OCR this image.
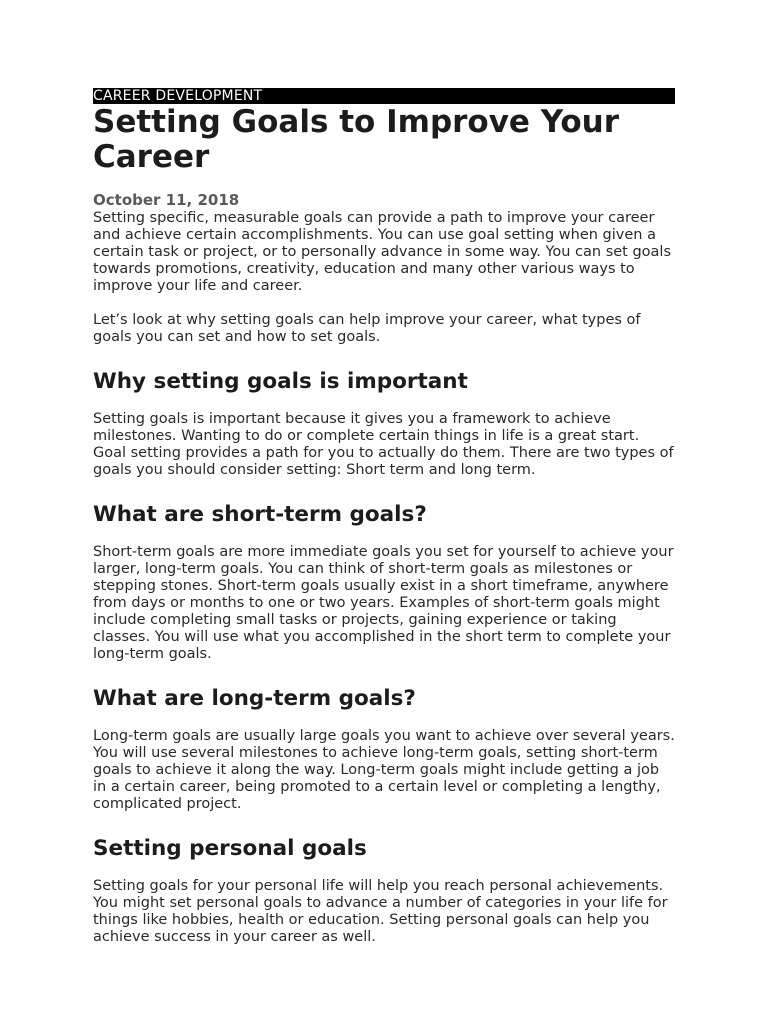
CAREER DEVELOPMENT
Setting Goals to Improve Your Career
October 11, 2018

Setting specific, measurable goals can provide a path to improve your career and achieve certain accomplishments. You can use goal setting when given a certain task or project, or to personally advance in some way. You can set goals towards promotions, creativity, education and many other various ways to improve your life and career.

Let’s look at why setting goals can help improve your career, what types of goals you can set and how to set goals.

Why setting goals is important

Setting goals is important because it gives you a framework to achieve milestones. Wanting to do or complete certain things in life is a great start. Goal setting provides a path for you to actually do them. There are two types of goals you should consider setting: Short term and long term.

What are short-term goals?

Short-term goals are more immediate goals you set for yourself to achieve your larger, long-term goals. You can think of short-term goals as milestones or stepping stones. Short-term goals usually exist in a short timeframe, anywhere from days or months to one or two years. Examples of short-term goals might include completing small tasks or projects, gaining experience or taking classes. You will use what you accomplished in the short term to complete your long-term goals.

What are long-term goals?

Long-term goals are usually large goals you want to achieve over several years. You will use several milestones to achieve long-term goals, setting short-term goals to achieve it along the way. Long-term goals might include getting a job in a certain career, being promoted to a certain level or completing a lengthy, complicated project.

Setting personal goals

Setting goals for your personal life will help you reach personal achievements. You might set personal goals to advance a number of categories in your life for things like hobbies, health or education. Setting personal goals can help you achieve success in your career as well.
